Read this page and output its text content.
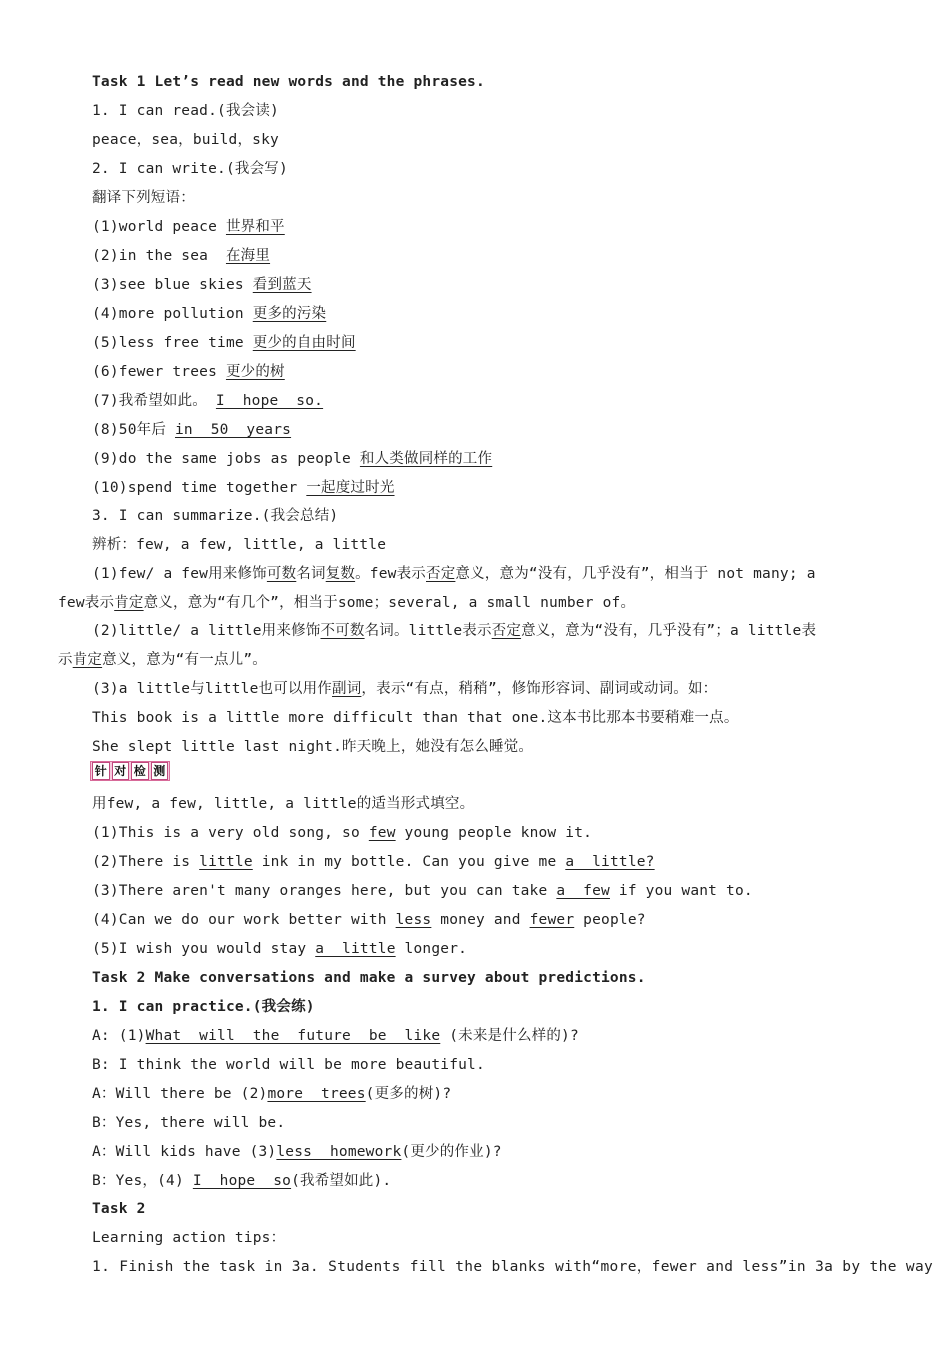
Task 1 Let’s read new words and the phrases.
1. I can read.(我会读)
peace，sea，build，sky
2. I can write.(我会写)
翻译下列短语：
(1)world peace 世界和平
(2)in the sea  在海里
(3)see blue skies 看到蓝天
(4)more pollution 更多的污染
(5)less free time 更少的自由时间
(6)fewer trees 更少的树
(7)我希望如此。 I  hope  so.
(8)50年后 in  50  years
(9)do the same jobs as people 和人类做同样的工作
(10)spend time together 一起度过时光
3. I can summarize.(我会总结)
辨析：few, a few, little, a little
(1)few/ a few用来修饰可数名词复数。few表示否定意义，意为“没有，几乎没有”，相当于 not many; a
few表示肯定意义，意为“有几个”，相当于some；several, a small number of。
(2)little/ a little用来修饰不可数名词。little表示否定意义，意为“没有，几乎没有”；a little表
示肯定意义，意为“有一点儿”。
(3)a little与little也可以用作副词，表示“有点，稍稍”，修饰形容词、副词或动词。如：
This book is a little more difficult than that one.这本书比那本书要稍难一点。
She slept little last night.昨天晚上，她没有怎么睡觉。
针 对 检 测
用few, a few, little, a little的适当形式填空。
(1)This is a very old song, so few young people know it.
(2)There is little ink in my bottle. Can you give me a  little?
(3)There aren't many oranges here, but you can take a  few if you want to.
(4)Can we do our work better with less money and fewer people?
(5)I wish you would stay a  little longer.
Task 2 Make conversations and make a survey about predictions.
1. I can practice.(我会练)
A: (1)What  will  the  future  be  like (未来是什么样的)?
B: I think the world will be more beautiful.
A：Will there be (2)more  trees(更多的树)?
B：Yes, there will be.
A：Will kids have (3)less  homework(更少的作业)?
B：Yes，(4) I  hope  so(我希望如此).
Task 2
Learning action tips：
1. Finish the task in 3a. Students fill the blanks with“more，fewer and less”in 3a by the way
